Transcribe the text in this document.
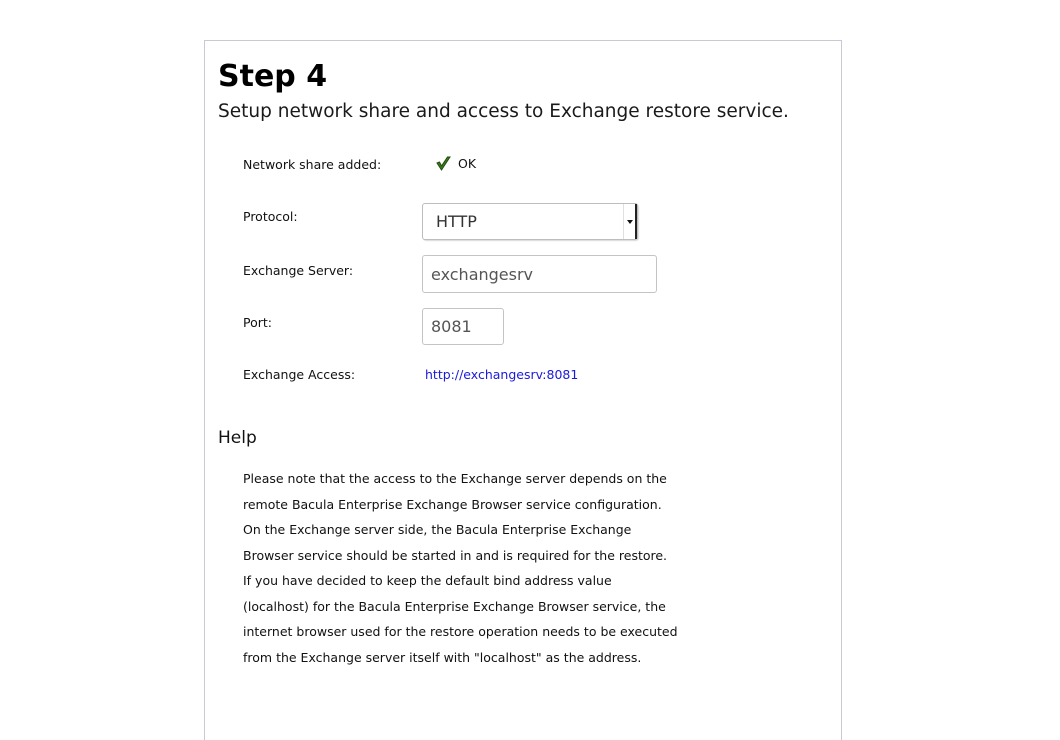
Step 4

Setup network share and access to Exchange restore service.

Network share added:	OK
Protocol:	HTTP
Exchange Server:
exchangesrv
Port:
8081
Exchange Access:	http://exchangesrv:8081
Help
Please note that the access to the Exchange server depends on the
remote Bacula Enterprise Exchange Browser service configuration.
On the Exchange server side, the Bacula Enterprise Exchange
Browser service should be started in and is required for the restore.
If you have decided to keep the default bind address value
(localhost) for the Bacula Enterprise Exchange Browser service, the
internet browser used for the restore operation needs to be executed
from the Exchange server itself with "localhost" as the address.
